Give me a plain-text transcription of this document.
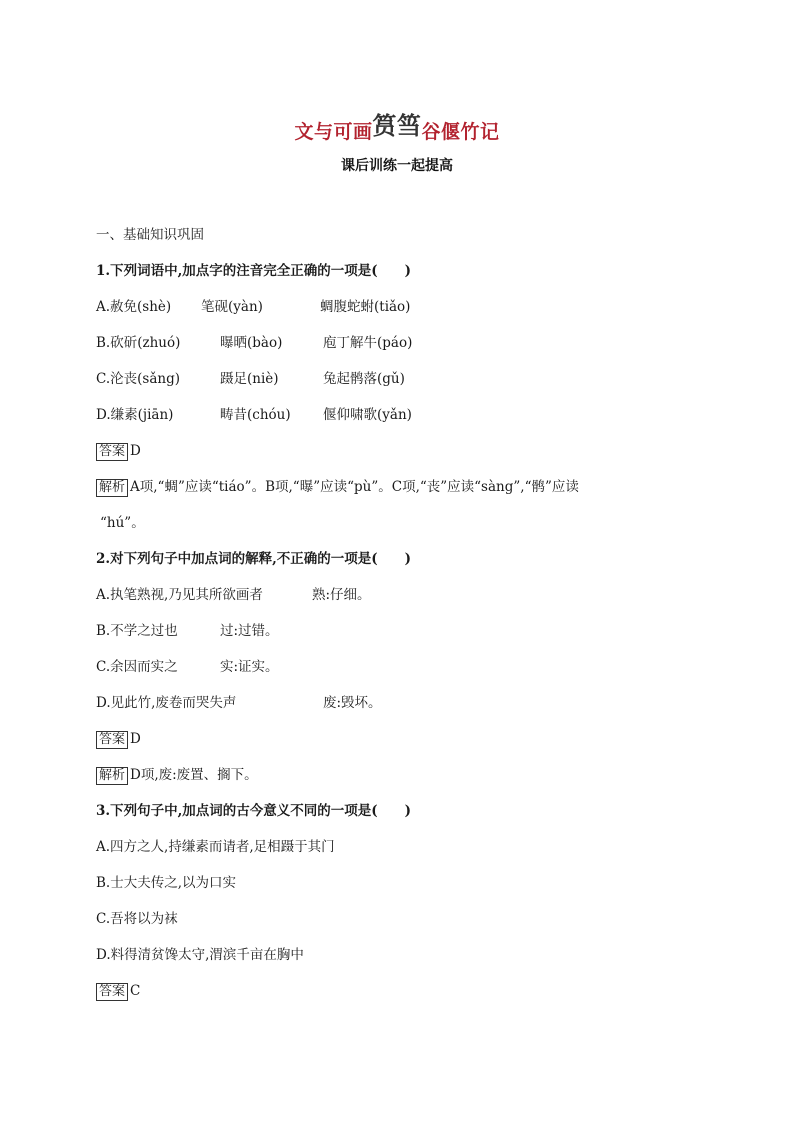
文与可画筼筜谷偃竹记
课后训练一起提高
一、基础知识巩固
1.下列词语中,加点字的注音完全正确的一项是(　　)
A.赦免(shè) 笔砚(yàn)	蜩腹蛇蚹(tiǎo)
B.砍斫(zhuó)	曝晒(bào)	庖丁解牛(páo)
C.沦丧(sǎng)	蹑足(niè)	兔起鹘落(gǔ)
D.缣素(jiān)	畴昔(chóu) 偃仰啸歌(yǎn)
答案 D
解析 A项,“蜩”应读“tiáo”。B项,“曝”应读“pù”。C项,“丧”应读“sàng”,“鹘”应读
“hú”。
2.对下列句子中加点词的解释,不正确的一项是(　　)
A.执笔熟视,乃见其所欲画者	熟:仔细。
B.不学之过也	过:过错。
C.余因而实之	实:证实。
D.见此竹,废卷而哭失声	废:毁坏。
答案 D
解析 D项,废:废置、搁下。
3.下列句子中,加点词的古今意义不同的一项是(　　)
A.四方之人,持缣素而请者,足相蹑于其门
B.士大夫传之,以为口实
C.吾将以为袜
D.料得清贫馋太守,渭滨千亩在胸中
答案 C
